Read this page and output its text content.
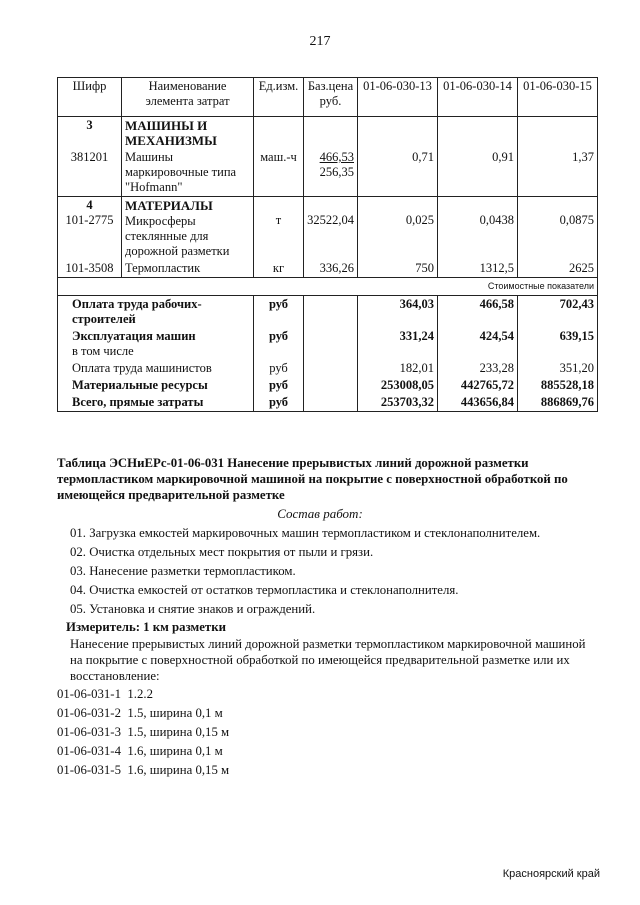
217
Шифр	Наименование
элемента затрат	Ед.изм.	Баз.цена
руб.	01-06-030-13	01-06-030-14	01-06-030-15
3	МАШИНЫ И
МЕХАНИЗМЫ					
381201	Машины
маркировочные типа
"Hofmann"	маш.-ч	466,53
256,35	0,71	0,91	1,37
4
101-2775	МАТЕРИАЛЫ
Микросферы
стеклянные для
дорожной разметки	т	32522,04	0,025	0,0438	0,0875
101-3508	Термопластик	кг	336,26	750	1312,5	2625
Стоимостные показатели						
Оплата труда рабочих-
строителей		руб		364,03	466,58	702,43
Эксплуатация машин
в том числе		руб		331,24	424,54	639,15
Оплата труда машинистов		руб		182,01	233,28	351,20
Материальные ресурсы		руб		253008,05	442765,72	885528,18
Всего, прямые затраты		руб		253703,32	443656,84	886869,76
Таблица ЭСНиЕРс-01-06-031 Нанесение прерывистых линий дорожной разметки
термопластиком маркировочной машиной на покрытие с поверхностной обработкой по
имеющейся предварительной разметке
Состав работ:
01. Загрузка емкостей маркировочных машин термопластиком и стеклонаполнителем.
02. Очистка отдельных мест покрытия от пыли и грязи.
03. Нанесение разметки термопластиком.
04. Очистка емкостей от остатков термопластика и стеклонаполнителя.
05. Установка и снятие знаков и ограждений.
Измеритель: 1 км разметки
Нанесение прерывистых линий дорожной разметки термопластиком маркировочной машиной
на покрытие с поверхностной обработкой по имеющейся предварительной разметке или их
восстановление:
01-06-031-1 1.2.2
01-06-031-2 1.5, ширина 0,1 м
01-06-031-3 1.5, ширина 0,15 м
01-06-031-4 1.6, ширина 0,1 м
01-06-031-5 1.6, ширина 0,15 м
Красноярский край
